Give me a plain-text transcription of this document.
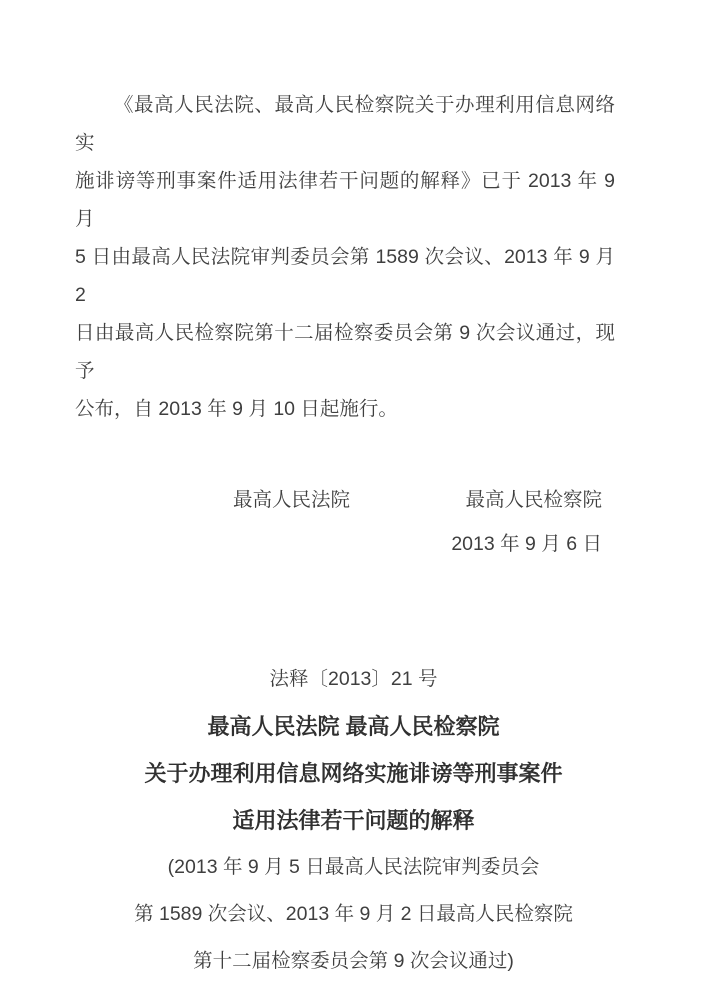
《最高人民法院、最高人民检察院关于办理利用信息网络实
施诽谤等刑事案件适用法律若干问题的解释》已于 2013 年 9 月
5 日由最高人民法院审判委员会第 1589 次会议、2013 年 9 月 2
日由最高人民检察院第十二届检察委员会第 9 次会议通过，现予
公布，自 2013 年 9 月 10 日起施行。
最高人民法院	最高人民检察院
2013 年 9 月 6 日
法释〔2013〕21 号
最高人民法院 最高人民检察院
关于办理利用信息网络实施诽谤等刑事案件
适用法律若干问题的解释
(2013 年 9 月 5 日最高人民法院审判委员会
第 1589 次会议、2013 年 9 月 2 日最高人民检察院
第十二届检察委员会第 9 次会议通过)
